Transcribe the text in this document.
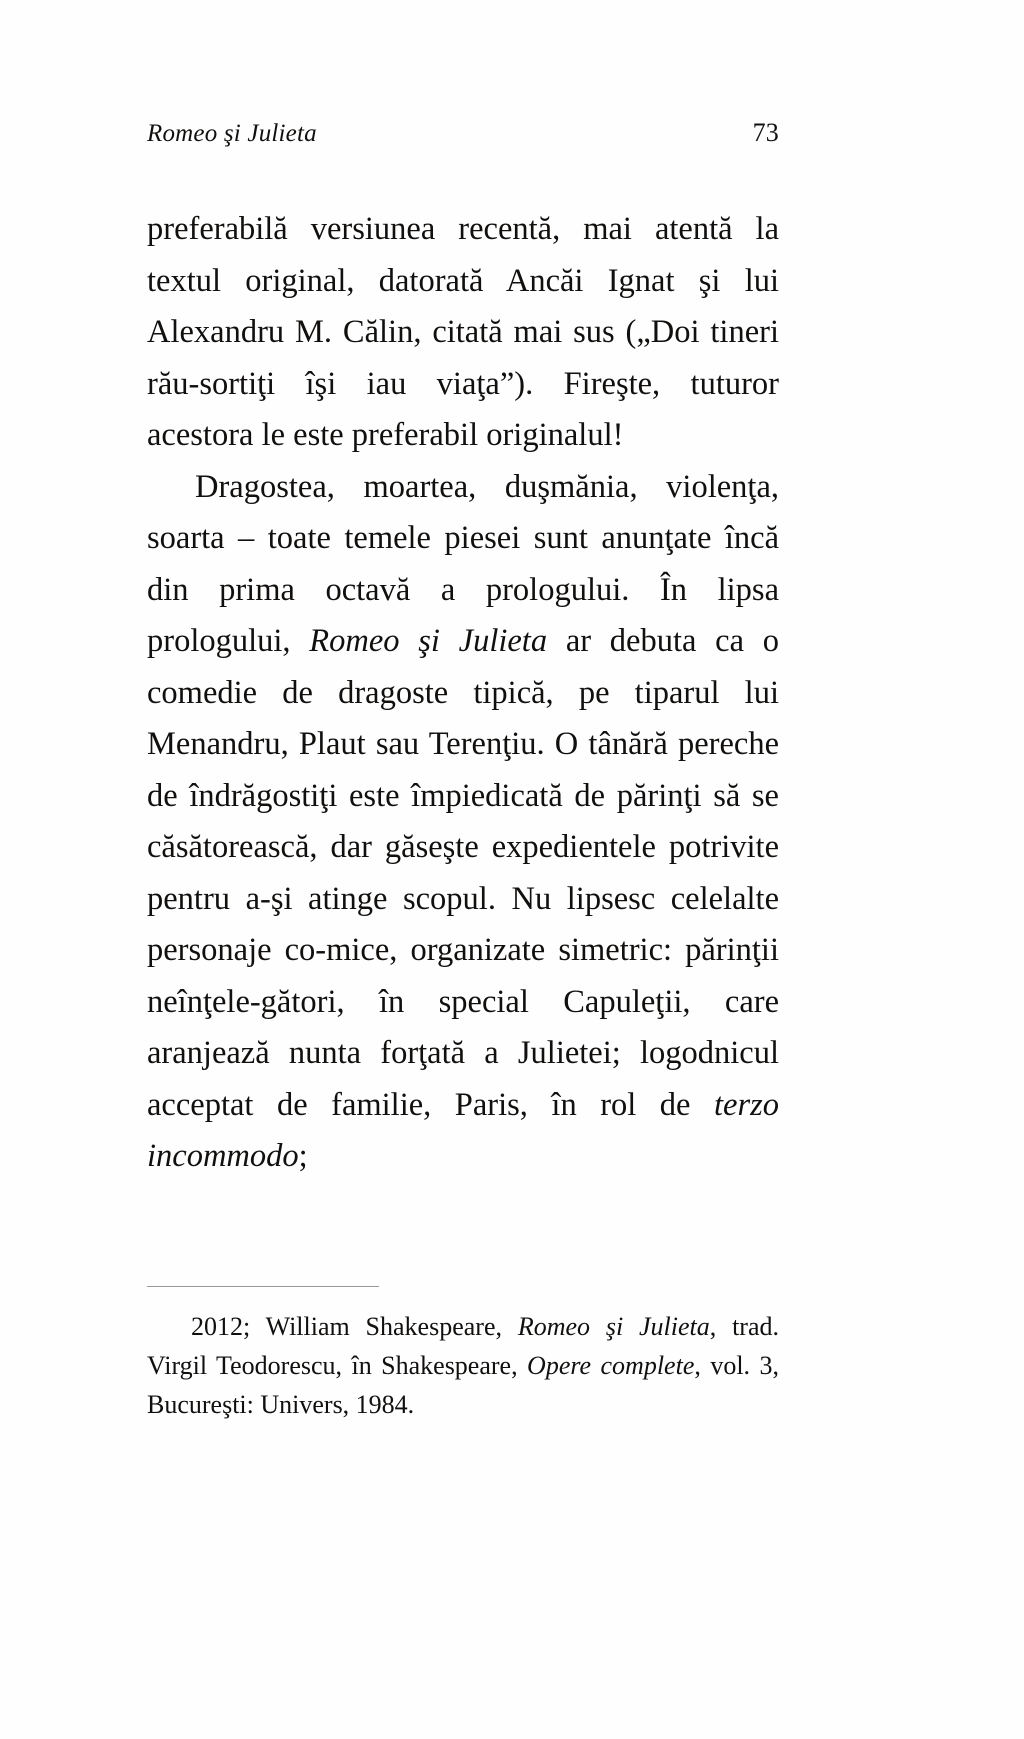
Romeo şi Julieta	73

preferabilă versiunea recentă, mai atentă la textul original, datorată Ancăi Ignat şi lui Alexandru M. Călin, citată mai sus („Doi tineri rău-sortiţi îşi iau viaţa”). Fireşte, tuturor acestora le este preferabil originalul!

Dragostea, moartea, duşmănia, violenţa, soarta – toate temele piesei sunt anunţate încă din prima octavă a prologului. În lipsa prologului, Romeo şi Julieta ar debuta ca o comedie de dragoste tipică, pe tiparul lui Menandru, Plaut sau Terenţiu. O tânără pereche de îndrăgostiţi este împiedicată de părinţi să se căsătorească, dar găseşte expedientele potrivite pentru a-şi atinge scopul. Nu lipsesc celelalte personaje co-mice, organizate simetric: părinţii neînţele-gători, în special Capuleţii, care aranjează nunta forţată a Julietei; logodnicul acceptat de familie, Paris, în rol de terzo incommodo;

2012; William Shakespeare, Romeo şi Julieta, trad. Virgil Teodorescu, în Shakespeare, Opere complete, vol. 3, Bucureşti: Univers, 1984.
